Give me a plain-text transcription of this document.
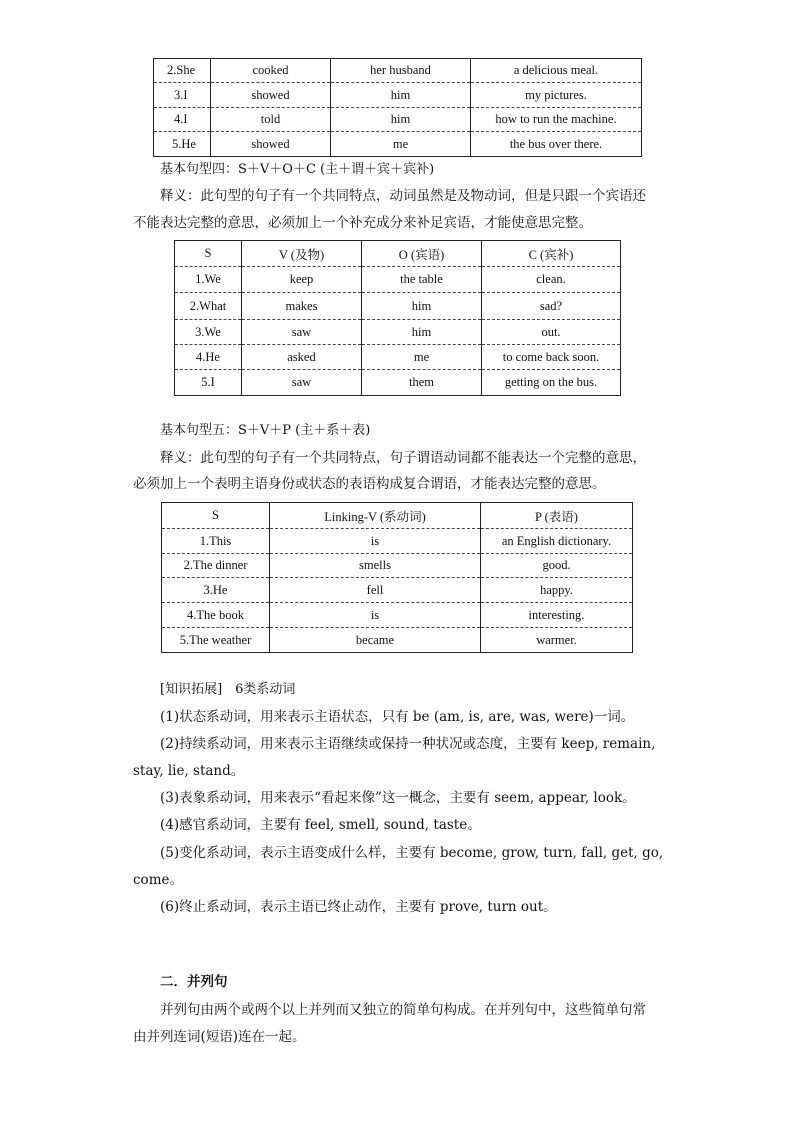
2.She	cooked	her husband	a delicious meal.
3.I	showed	him	my pictures.
4.I	told	him	how to run the machine.
5.He	showed	me	the bus over there.
基本句型四：S＋V＋O＋C (主＋谓＋宾＋宾补)
释义：此句型的句子有一个共同特点，动词虽然是及物动词，但是只跟一个宾语还
不能表达完整的意思，必须加上一个补充成分来补足宾语，才能使意思完整。
S	V (及物)	O (宾语)	C (宾补)
1.We	keep	the table	clean.
2.What	makes	him	sad?
3.We	saw	him	out.
4.He	asked	me	to come back soon.
5.I	saw	them	getting on the bus.
基本句型五：S＋V＋P (主＋系＋表)
释义：此句型的句子有一个共同特点，句子谓语动词都不能表达一个完整的意思，
必须加上一个表明主语身份或状态的表语构成复合谓语，才能表达完整的意思。
S	Linking-V (系动词)	P (表语)
1.This	is	an English dictionary.
2.The dinner	smells	good.
3.He	fell	happy.
4.The book	is	interesting.
5.The weather	became	warmer.
[知识拓展]　6类系动词
(1)状态系动词，用来表示主语状态，只有 be (am, is, are, was, were)一词。
(2)持续系动词，用来表示主语继续或保持一种状况或态度，主要有 keep, remain,
stay, lie, stand。
(3)表象系动词，用来表示“看起来像”这一概念，主要有 seem, appear, look。
(4)感官系动词，主要有 feel, smell, sound, taste。
(5)变化系动词，表示主语变成什么样，主要有 become, grow, turn, fall, get, go,
come。
(6)终止系动词，表示主语已终止动作，主要有 prove, turn out。
二．并列句
并列句由两个或两个以上并列而又独立的简单句构成。在并列句中，这些简单句常
由并列连词(短语)连在一起。
